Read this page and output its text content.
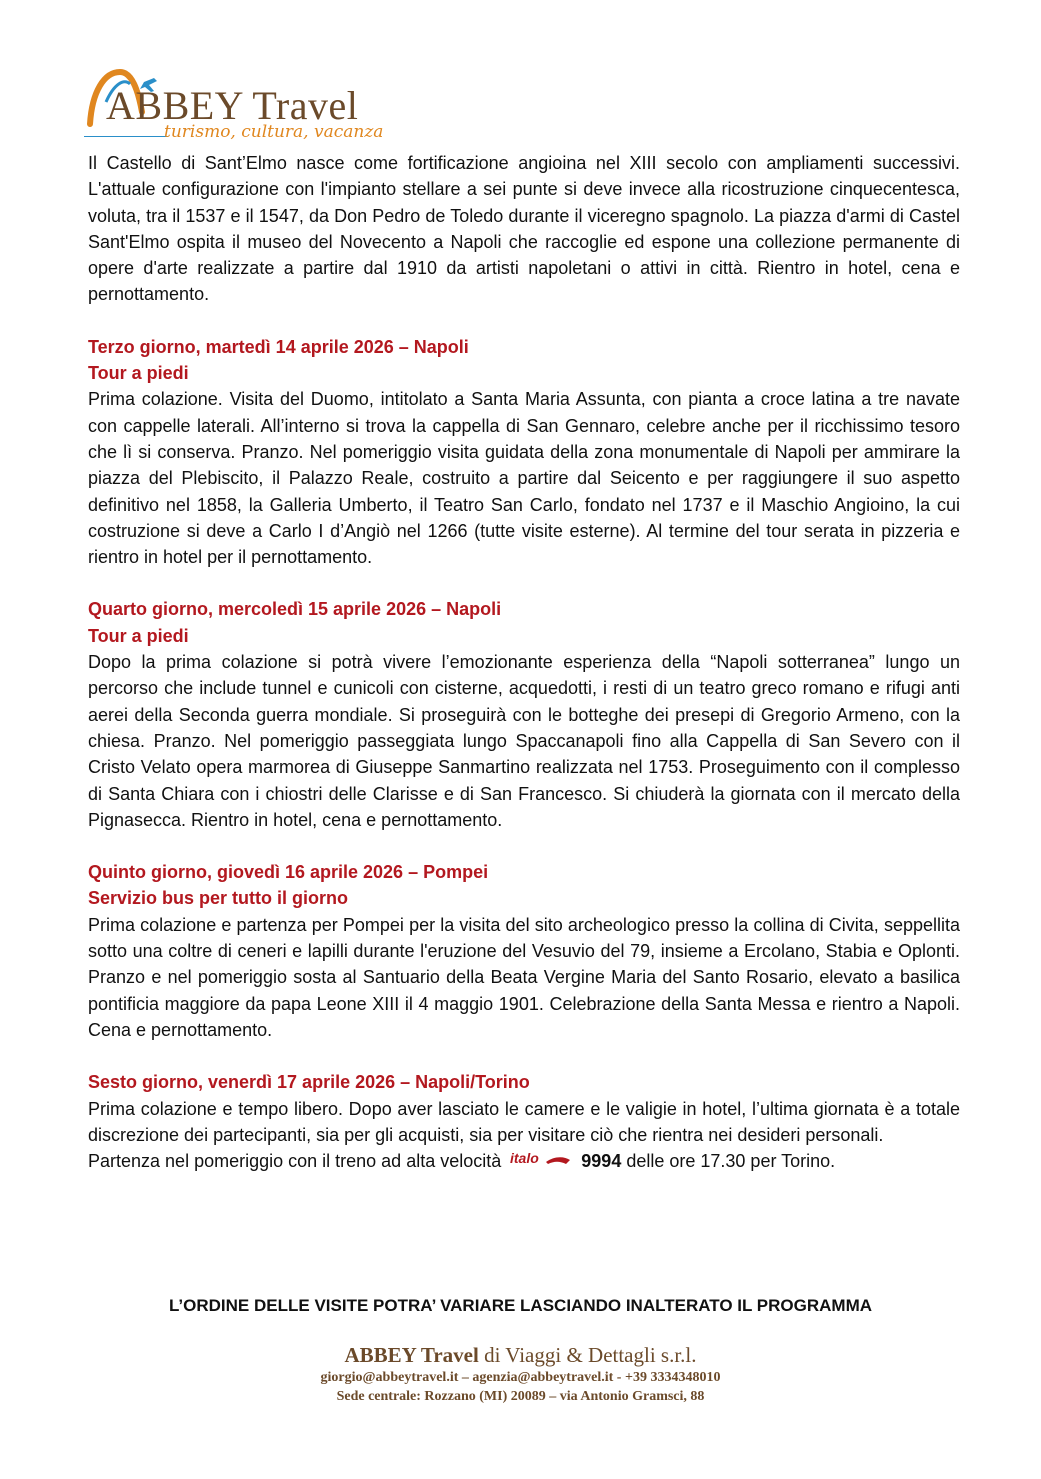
ABBEY Travel
turismo, cultura, vacanza

Il Castello di Sant’Elmo nasce come fortificazione angioina nel XIII secolo con ampliamenti successivi. L'attuale configurazione con l'impianto stellare a sei punte si deve invece alla ricostruzione cinquecentesca, voluta, tra il 1537 e il 1547, da Don Pedro de Toledo durante il viceregno spagnolo. La piazza d'armi di Castel Sant'Elmo ospita il museo del Novecento a Napoli che raccoglie ed espone una collezione permanente di opere d'arte realizzate a partire dal 1910 da artisti napoletani o attivi in città. Rientro in hotel, cena e pernottamento.

Terzo giorno, martedì 14 aprile 2026 – Napoli

Tour a piedi

Prima colazione. Visita del Duomo, intitolato a Santa Maria Assunta, con pianta a croce latina a tre navate con cappelle laterali. All’interno si trova la cappella di San Gennaro, celebre anche per il ricchissimo tesoro che lì si conserva. Pranzo. Nel pomeriggio visita guidata della zona monumentale di Napoli per ammirare la piazza del Plebiscito, il Palazzo Reale, costruito a partire dal Seicento e per raggiungere il suo aspetto definitivo nel 1858, la Galleria Umberto, il Teatro San Carlo, fondato nel 1737 e il Maschio Angioino, la cui costruzione si deve a Carlo I d’Angiò nel 1266 (tutte visite esterne). Al termine del tour serata in pizzeria e rientro in hotel per il pernottamento.

Quarto giorno, mercoledì 15 aprile 2026 – Napoli

Tour a piedi

Dopo la prima colazione si potrà vivere l’emozionante esperienza della “Napoli sotterranea” lungo un percorso che include tunnel e cunicoli con cisterne, acquedotti, i resti di un teatro greco romano e rifugi anti aerei della Seconda guerra mondiale. Si proseguirà con le botteghe dei presepi di Gregorio Armeno, con la chiesa. Pranzo. Nel pomeriggio passeggiata lungo Spaccanapoli fino alla Cappella di San Severo con il Cristo Velato opera marmorea di Giuseppe Sanmartino realizzata nel 1753. Proseguimento con il complesso di Santa Chiara con i chiostri delle Clarisse e di San Francesco. Si chiuderà la giornata con il mercato della Pignasecca. Rientro in hotel, cena e pernottamento.

Quinto giorno, giovedì 16 aprile 2026 – Pompei

Servizio bus per tutto il giorno

Prima colazione e partenza per Pompei per la visita del sito archeologico presso la collina di Civita, seppellita sotto una coltre di ceneri e lapilli durante l'eruzione del Vesuvio del 79, insieme a Ercolano, Stabia e Oplonti. Pranzo e nel pomeriggio sosta al Santuario della Beata Vergine Maria del Santo Rosario, elevato a basilica pontificia maggiore da papa Leone XIII il 4 maggio 1901. Celebrazione della Santa Messa e rientro a Napoli. Cena e pernottamento.

Sesto giorno, venerdì 17 aprile 2026 – Napoli/Torino

Prima colazione e tempo libero. Dopo aver lasciato le camere e le valigie in hotel, l’ultima giornata è a totale discrezione dei partecipanti, sia per gli acquisti, sia per visitare ciò che rientra nei desideri personali.

Partenza nel pomeriggio con il treno ad alta velocità italo 9994 delle ore 17.30 per Torino.

L’ORDINE DELLE VISITE POTRA’ VARIARE LASCIANDO INALTERATO IL PROGRAMMA
ABBEY Travel di Viaggi & Dettagli s.r.l.
giorgio@abbeytravel.it – agenzia@abbeytravel.it - +39 3334348010
Sede centrale: Rozzano (MI) 20089 – via Antonio Gramsci, 88
